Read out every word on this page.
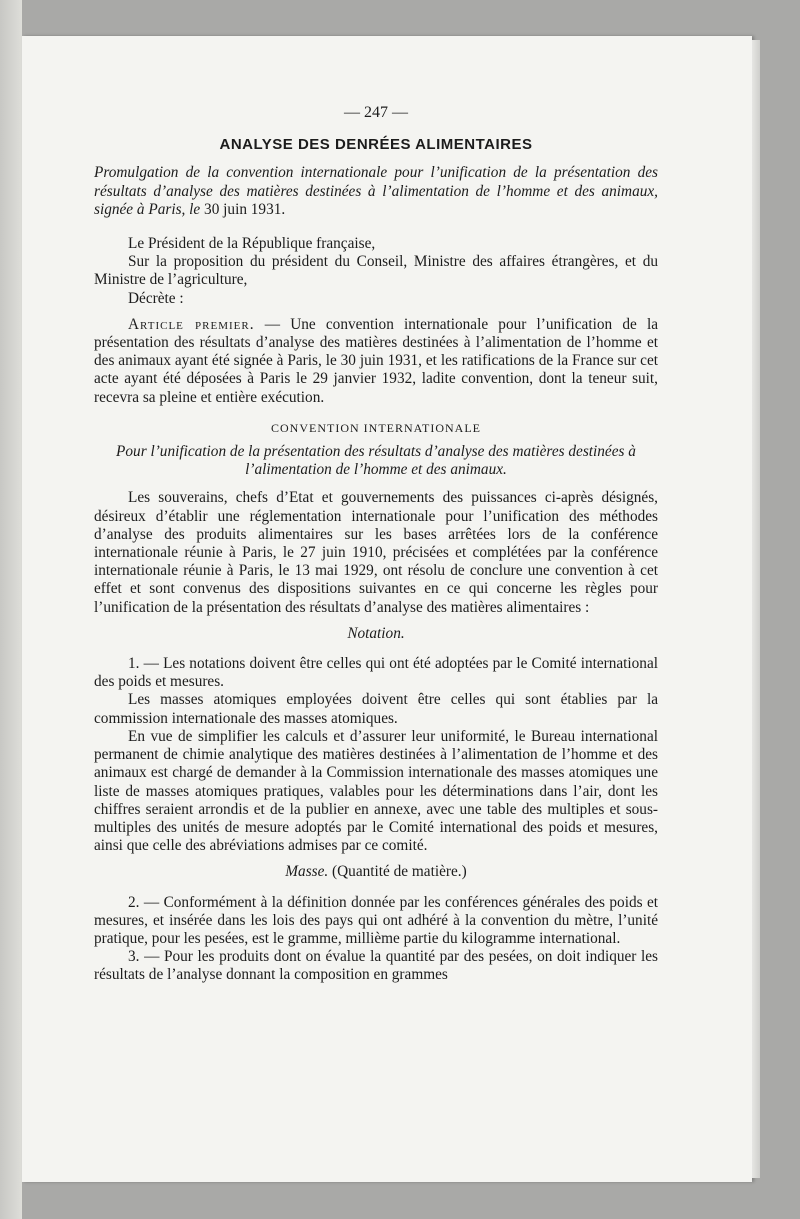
— 247 —
ANALYSE DES DENRÉES ALIMENTAIRES

Promulgation de la convention internationale pour l’unification de la présentation des résultats d’analyse des matières destinées à l’alimentation de l’homme et des animaux, signée à Paris, le 30 juin 1931.

Le Président de la République française,

Sur la proposition du président du Conseil, Ministre des affaires étrangères, et du Ministre de l’agriculture,

Décrète :

Article premier. — Une convention internationale pour l’unification de la présentation des résultats d’analyse des matières destinées à l’alimentation de l’homme et des animaux ayant été signée à Paris, le 30 juin 1931, et les ratifications de la France sur cet acte ayant été déposées à Paris le 29 janvier 1932, ladite convention, dont la teneur suit, recevra sa pleine et entière exécution.

CONVENTION INTERNATIONALE
Pour l’unification de la présentation des résultats d’analyse des matières destinées à l’alimentation de l’homme et des animaux.

Les souverains, chefs d’Etat et gouvernements des puissances ci-après désignés, désireux d’établir une réglementation internationale pour l’unification des méthodes d’analyse des produits alimentaires sur les bases arrêtées lors de la conférence internationale réunie à Paris, le 27 juin 1910, précisées et complétées par la conférence internationale réunie à Paris, le 13 mai 1929, ont résolu de conclure une convention à cet effet et sont convenus des dispositions suivantes en ce qui concerne les règles pour l’unification de la présentation des résultats d’analyse des matières alimentaires :

Notation.

1. — Les notations doivent être celles qui ont été adoptées par le Comité international des poids et mesures.

Les masses atomiques employées doivent être celles qui sont établies par la commission internationale des masses atomiques.

En vue de simplifier les calculs et d’assurer leur uniformité, le Bureau international permanent de chimie analytique des matières destinées à l’alimentation de l’homme et des animaux est chargé de demander à la Commission internationale des masses atomiques une liste de masses atomiques pratiques, valables pour les déterminations dans l’air, dont les chiffres seraient arrondis et de la publier en annexe, avec une table des multiples et sous-multiples des unités de mesure adoptés par le Comité international des poids et mesures, ainsi que celle des abréviations admises par ce comité.

Masse. (Quantité de matière.)

2. — Conformément à la définition donnée par les conférences générales des poids et mesures, et insérée dans les lois des pays qui ont adhéré à la convention du mètre, l’unité pratique, pour les pesées, est le gramme, millième partie du kilogramme international.

3. — Pour les produits dont on évalue la quantité par des pesées, on doit indiquer les résultats de l’analyse donnant la composition en grammes
